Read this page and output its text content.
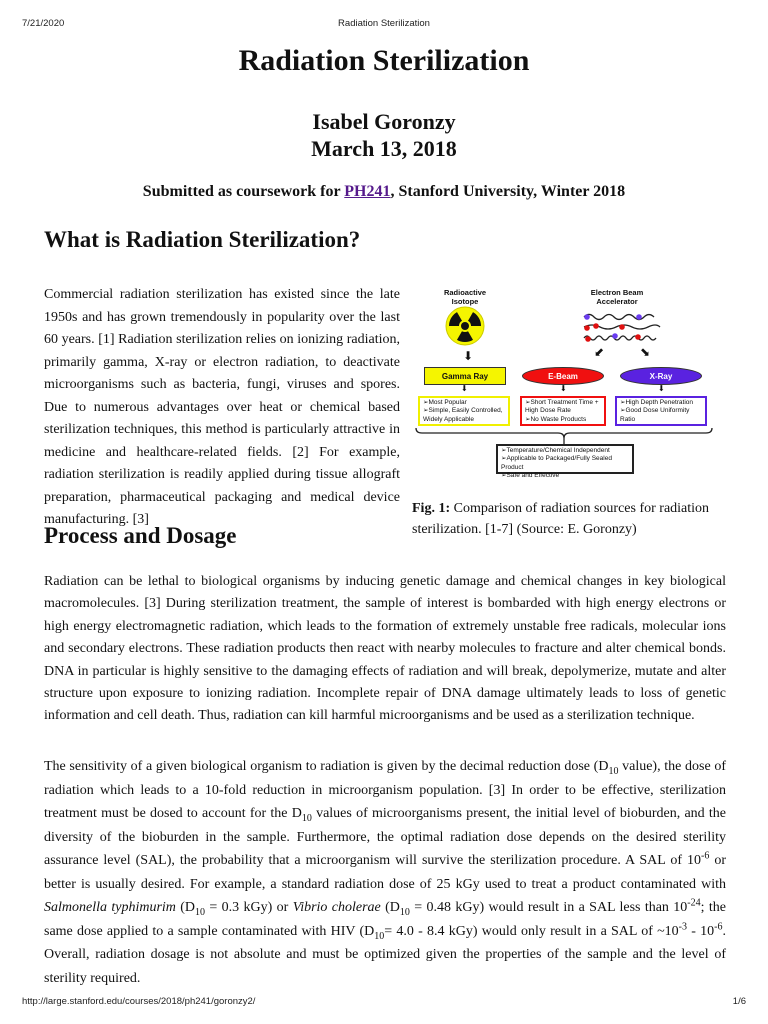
7/21/2020	Radiation Sterilization
Radiation Sterilization
Isabel Goronzy
March 13, 2018
Submitted as coursework for PH241, Stanford University, Winter 2018
What is Radiation Sterilization?
Commercial radiation sterilization has existed since the late 1950s and has grown tremendously in popularity over the last 60 years. [1] Radiation sterilization relies on ionizing radiation, primarily gamma, X-ray or electron radiation, to deactivate microorganisms such as bacteria, fungi, viruses and spores. Due to numerous advantages over heat or chemical based sterilization techniques, this method is particularly attractive in medicine and healthcare-related fields. [2] For example, radiation sterilization is readily applied during tissue allograft preparation, pharmaceutical packaging and medical device manufacturing. [3]
Radioactive Isotope
Electron Beam Accelerator
⬇	⬋	⬊
Gamma Ray	E-Beam	X-Ray
⬇	⬇	⬇
➢ Most Popular
➢ Simple, Easily Controlled, Widely Applicable
➢ Short Treatment Time + High Dose Rate
➢ No Waste Products
➢ High Depth Penetration
➢ Good Dose Uniformity Ratio
➢ Temperature/Chemical Independent
➢ Applicable to Packaged/Fully Sealed Product
➢ Safe and Effective
Fig. 1: Comparison of radiation sources for radiation sterilization. [1-7] (Source: E. Goronzy)
Process and Dosage
Radiation can be lethal to biological organisms by inducing genetic damage and chemical changes in key biological macromolecules. [3] During sterilization treatment, the sample of interest is bombarded with high energy electrons or high energy electromagnetic radiation, which leads to the formation of extremely unstable free radicals, molecular ions and secondary electrons. These radiation products then react with nearby molecules to fracture and alter chemical bonds. DNA in particular is highly sensitive to the damaging effects of radiation and will break, depolymerize, mutate and alter structure upon exposure to ionizing radiation. Incomplete repair of DNA damage ultimately leads to loss of genetic information and cell death. Thus, radiation can kill harmful microorganisms and be used as a sterilization technique.
The sensitivity of a given biological organism to radiation is given by the decimal reduction dose ($D_{10}$ value), the dose of radiation which leads to a 10-fold reduction in microorganism population. [3] In order to be effective, sterilization treatment must be dosed to account for the $D_{10}$ values of microorganisms present, the initial level of bioburden, and the diversity of the bioburden in the sample. Furthermore, the optimal radiation dose depends on the desired sterility assurance level (SAL), the probability that a microorganism will survive the sterilization procedure. A SAL of $10^{-6}$ or better is usually desired. For example, a standard radiation dose of 25 kGy used to treat a product contaminated with Salmonella typhimurim ($D_{10} = 0.3$ kGy) or Vibrio cholerae ($D_{10} = 0.48$ kGy) would result in a SAL less than $10^{-24}$; the same dose applied to a sample contaminated with HIV ($D_{10}= 4.0 - 8.4$ kGy) would only result in a SAL of $\sim 10^{-3} - 10^{-6}$. Overall, radiation dosage is not absolute and must be optimized given the properties of the sample and the level of sterility required.
http://large.stanford.edu/courses/2018/ph241/goronzy2/	1/6
